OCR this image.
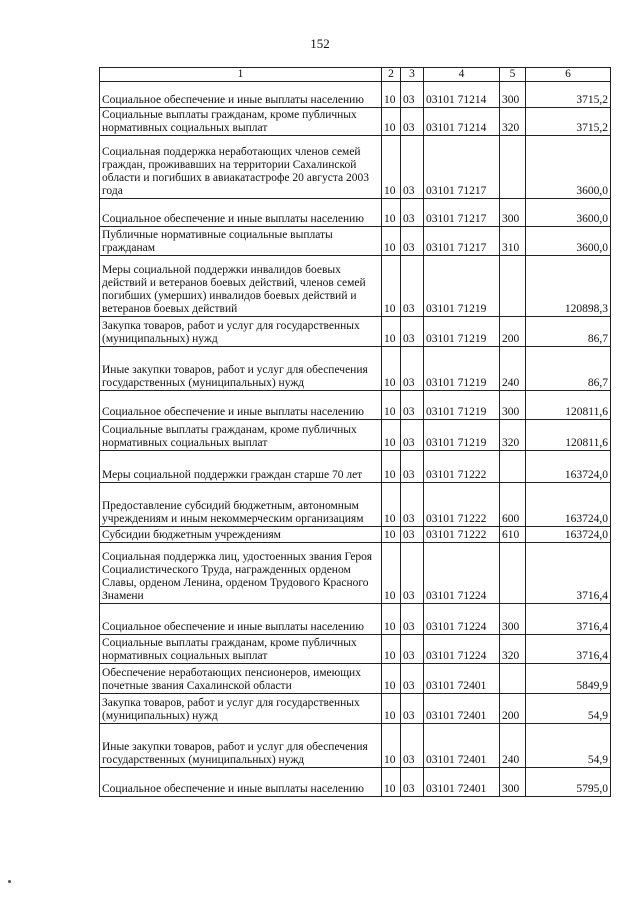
152
1	2	3	4	5	6
Социальное обеспечение и иные выплаты населению	10	03	03101 71214	300	3715,2
Социальные выплаты гражданам, кроме публичных нормативных социальных выплат	10	03	03101 71214	320	3715,2
Социальная поддержка неработающих членов семей граждан, проживавших на территории Сахалинской области и погибших в авиакатастрофе 20 августа 2003 года	10	03	03101 71217		3600,0
Социальное обеспечение и иные выплаты населению	10	03	03101 71217	300	3600,0
Публичные нормативные социальные выплаты гражданам	10	03	03101 71217	310	3600,0
Меры социальной поддержки инвалидов боевых действий и ветеранов боевых действий, членов семей погибших (умерших) инвалидов боевых действий и ветеранов боевых действий	10	03	03101 71219		120898,3
Закупка товаров, работ и услуг для государственных (муниципальных) нужд	10	03	03101 71219	200	86,7
Иные закупки товаров, работ и услуг для обеспечения государственных (муниципальных) нужд	10	03	03101 71219	240	86,7
Социальное обеспечение и иные выплаты населению	10	03	03101 71219	300	120811,6
Социальные выплаты гражданам, кроме публичных нормативных социальных выплат	10	03	03101 71219	320	120811,6
Меры социальной поддержки граждан старше 70 лет	10	03	03101 71222		163724,0
Предоставление субсидий бюджетным, автономным учреждениям и иным некоммерческим организациям	10	03	03101 71222	600	163724,0
Субсидии бюджетным учреждениям	10	03	03101 71222	610	163724,0
Социальная поддержка лиц, удостоенных звания Героя Социалистического Труда, награжденных орденом Славы, орденом Ленина, орденом Трудового Красного Знамени	10	03	03101 71224		3716,4
Социальное обеспечение и иные выплаты населению	10	03	03101 71224	300	3716,4
Социальные выплаты гражданам, кроме публичных нормативных социальных выплат	10	03	03101 71224	320	3716,4
Обеспечение неработающих пенсионеров, имеющих почетные звания Сахалинской области	10	03	03101 72401		5849,9
Закупка товаров, работ и услуг для государственных (муниципальных) нужд	10	03	03101 72401	200	54,9
Иные закупки товаров, работ и услуг для обеспечения государственных (муниципальных) нужд	10	03	03101 72401	240	54,9
Социальное обеспечение и иные выплаты населению	10	03	03101 72401	300	5795,0
